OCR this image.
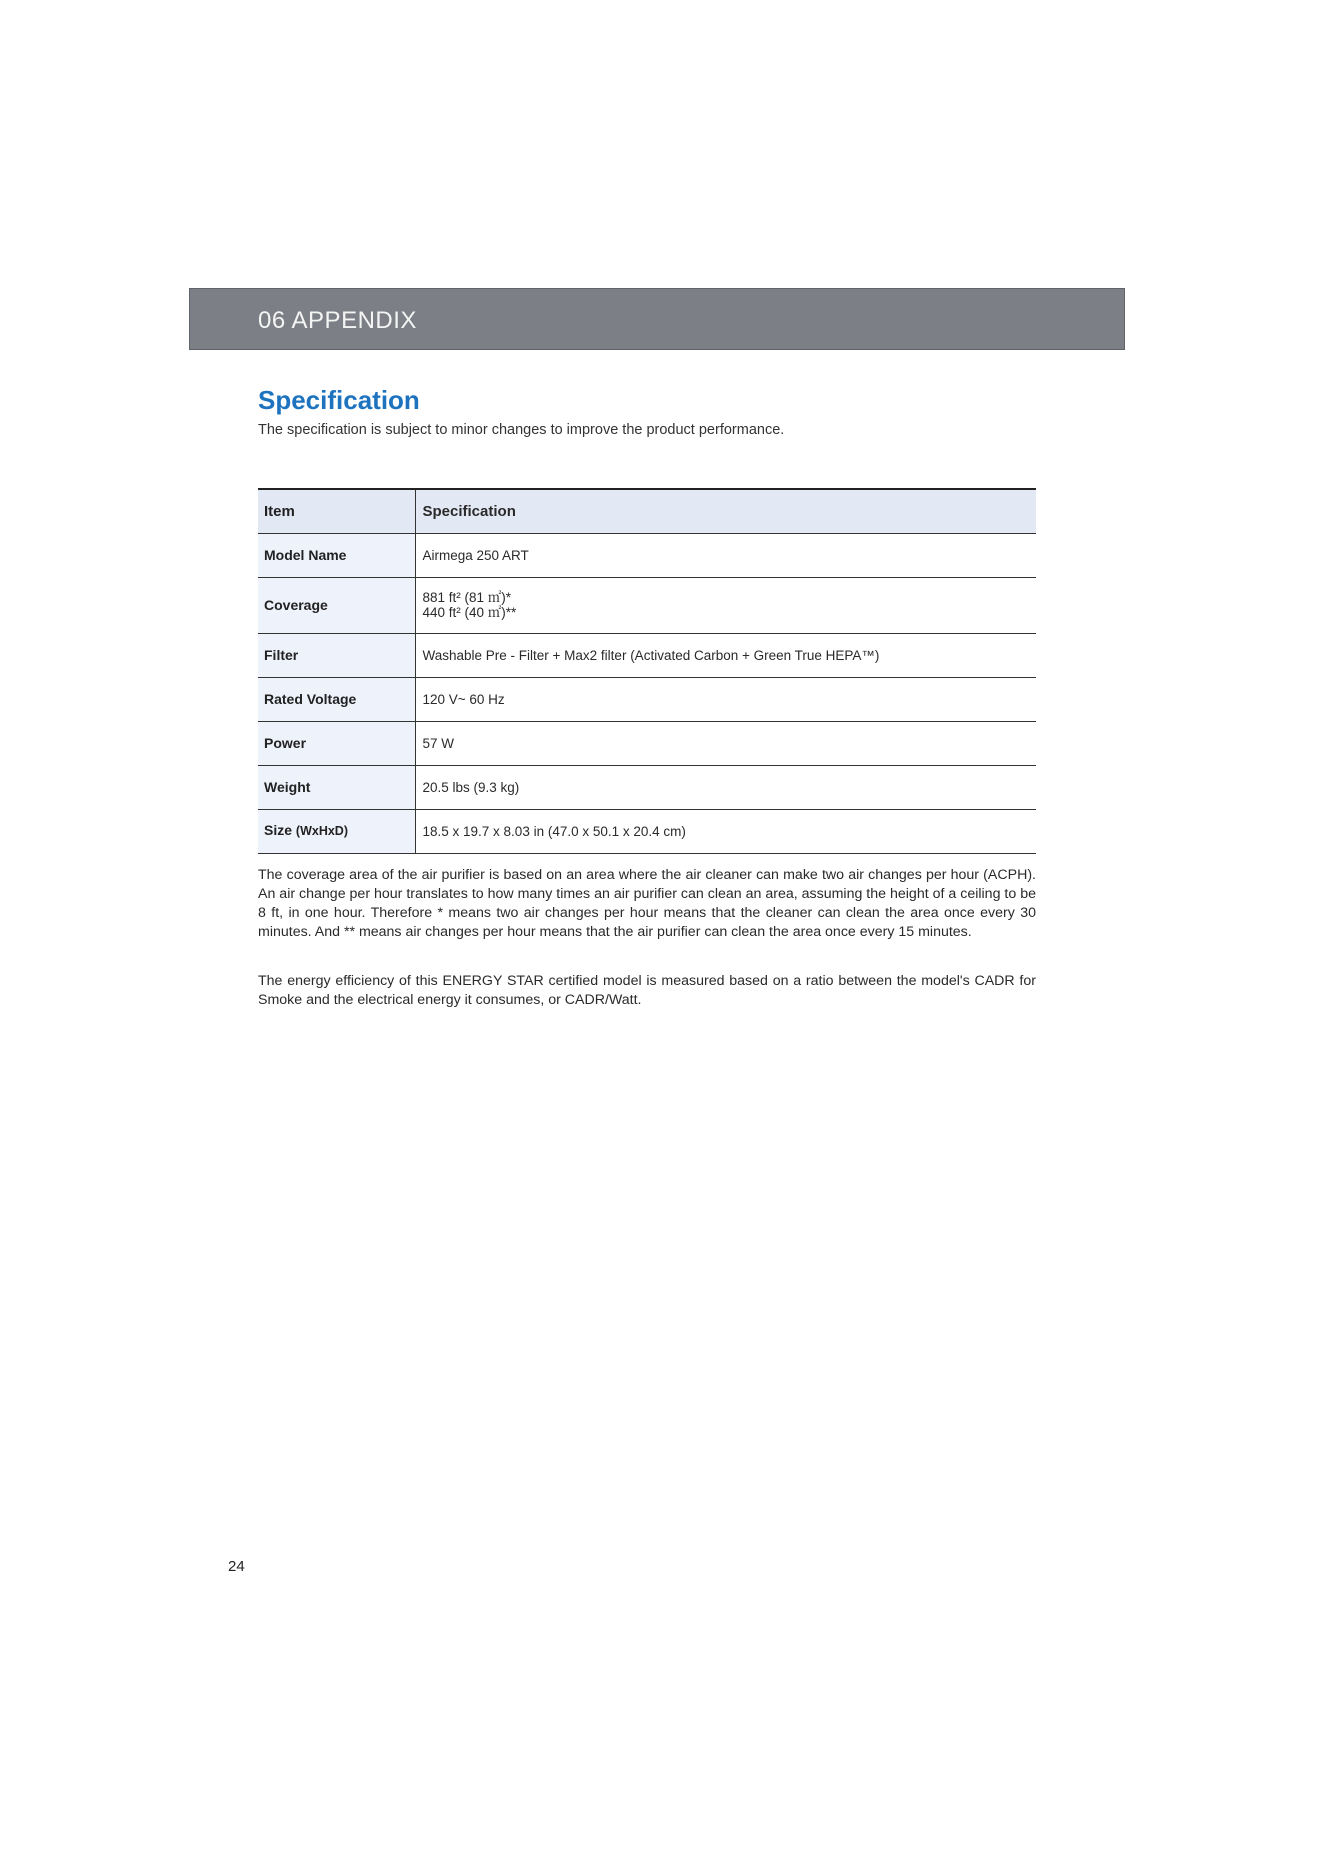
06 APPENDIX
Specification

The specification is subject to minor changes to improve the product performance.

Item	Specification
Model Name	Airmega 250 ART

Coverage	881 ft² (81 ㎡)*
440 ft² (40 ㎡)**

Filter	Washable Pre - Filter + Max2 filter (Activated Carbon + Green True HEPA™)

Rated Voltage	120 V~ 60 Hz

Power	57 W

Weight	20.5 lbs (9.3 kg)

Size (WxHxD)	18.5 x 19.7 x 8.03 in (47.0 x 50.1 x 20.4 cm)

The coverage area of the air purifier is based on an area where the air cleaner can make two air changes per hour (ACPH). An air change per hour translates to how many times an air purifier can clean an area, assuming the height of a ceiling to be 8 ft, in one hour. Therefore * means two air changes per hour means that the cleaner can clean the area once every 30 minutes. And ** means air changes per hour means that the air purifier can clean the area once every 15 minutes.

The energy efficiency of this ENERGY STAR certified model is measured based on a ratio between the model's CADR for Smoke and the electrical energy it consumes, or CADR/Watt.

24
